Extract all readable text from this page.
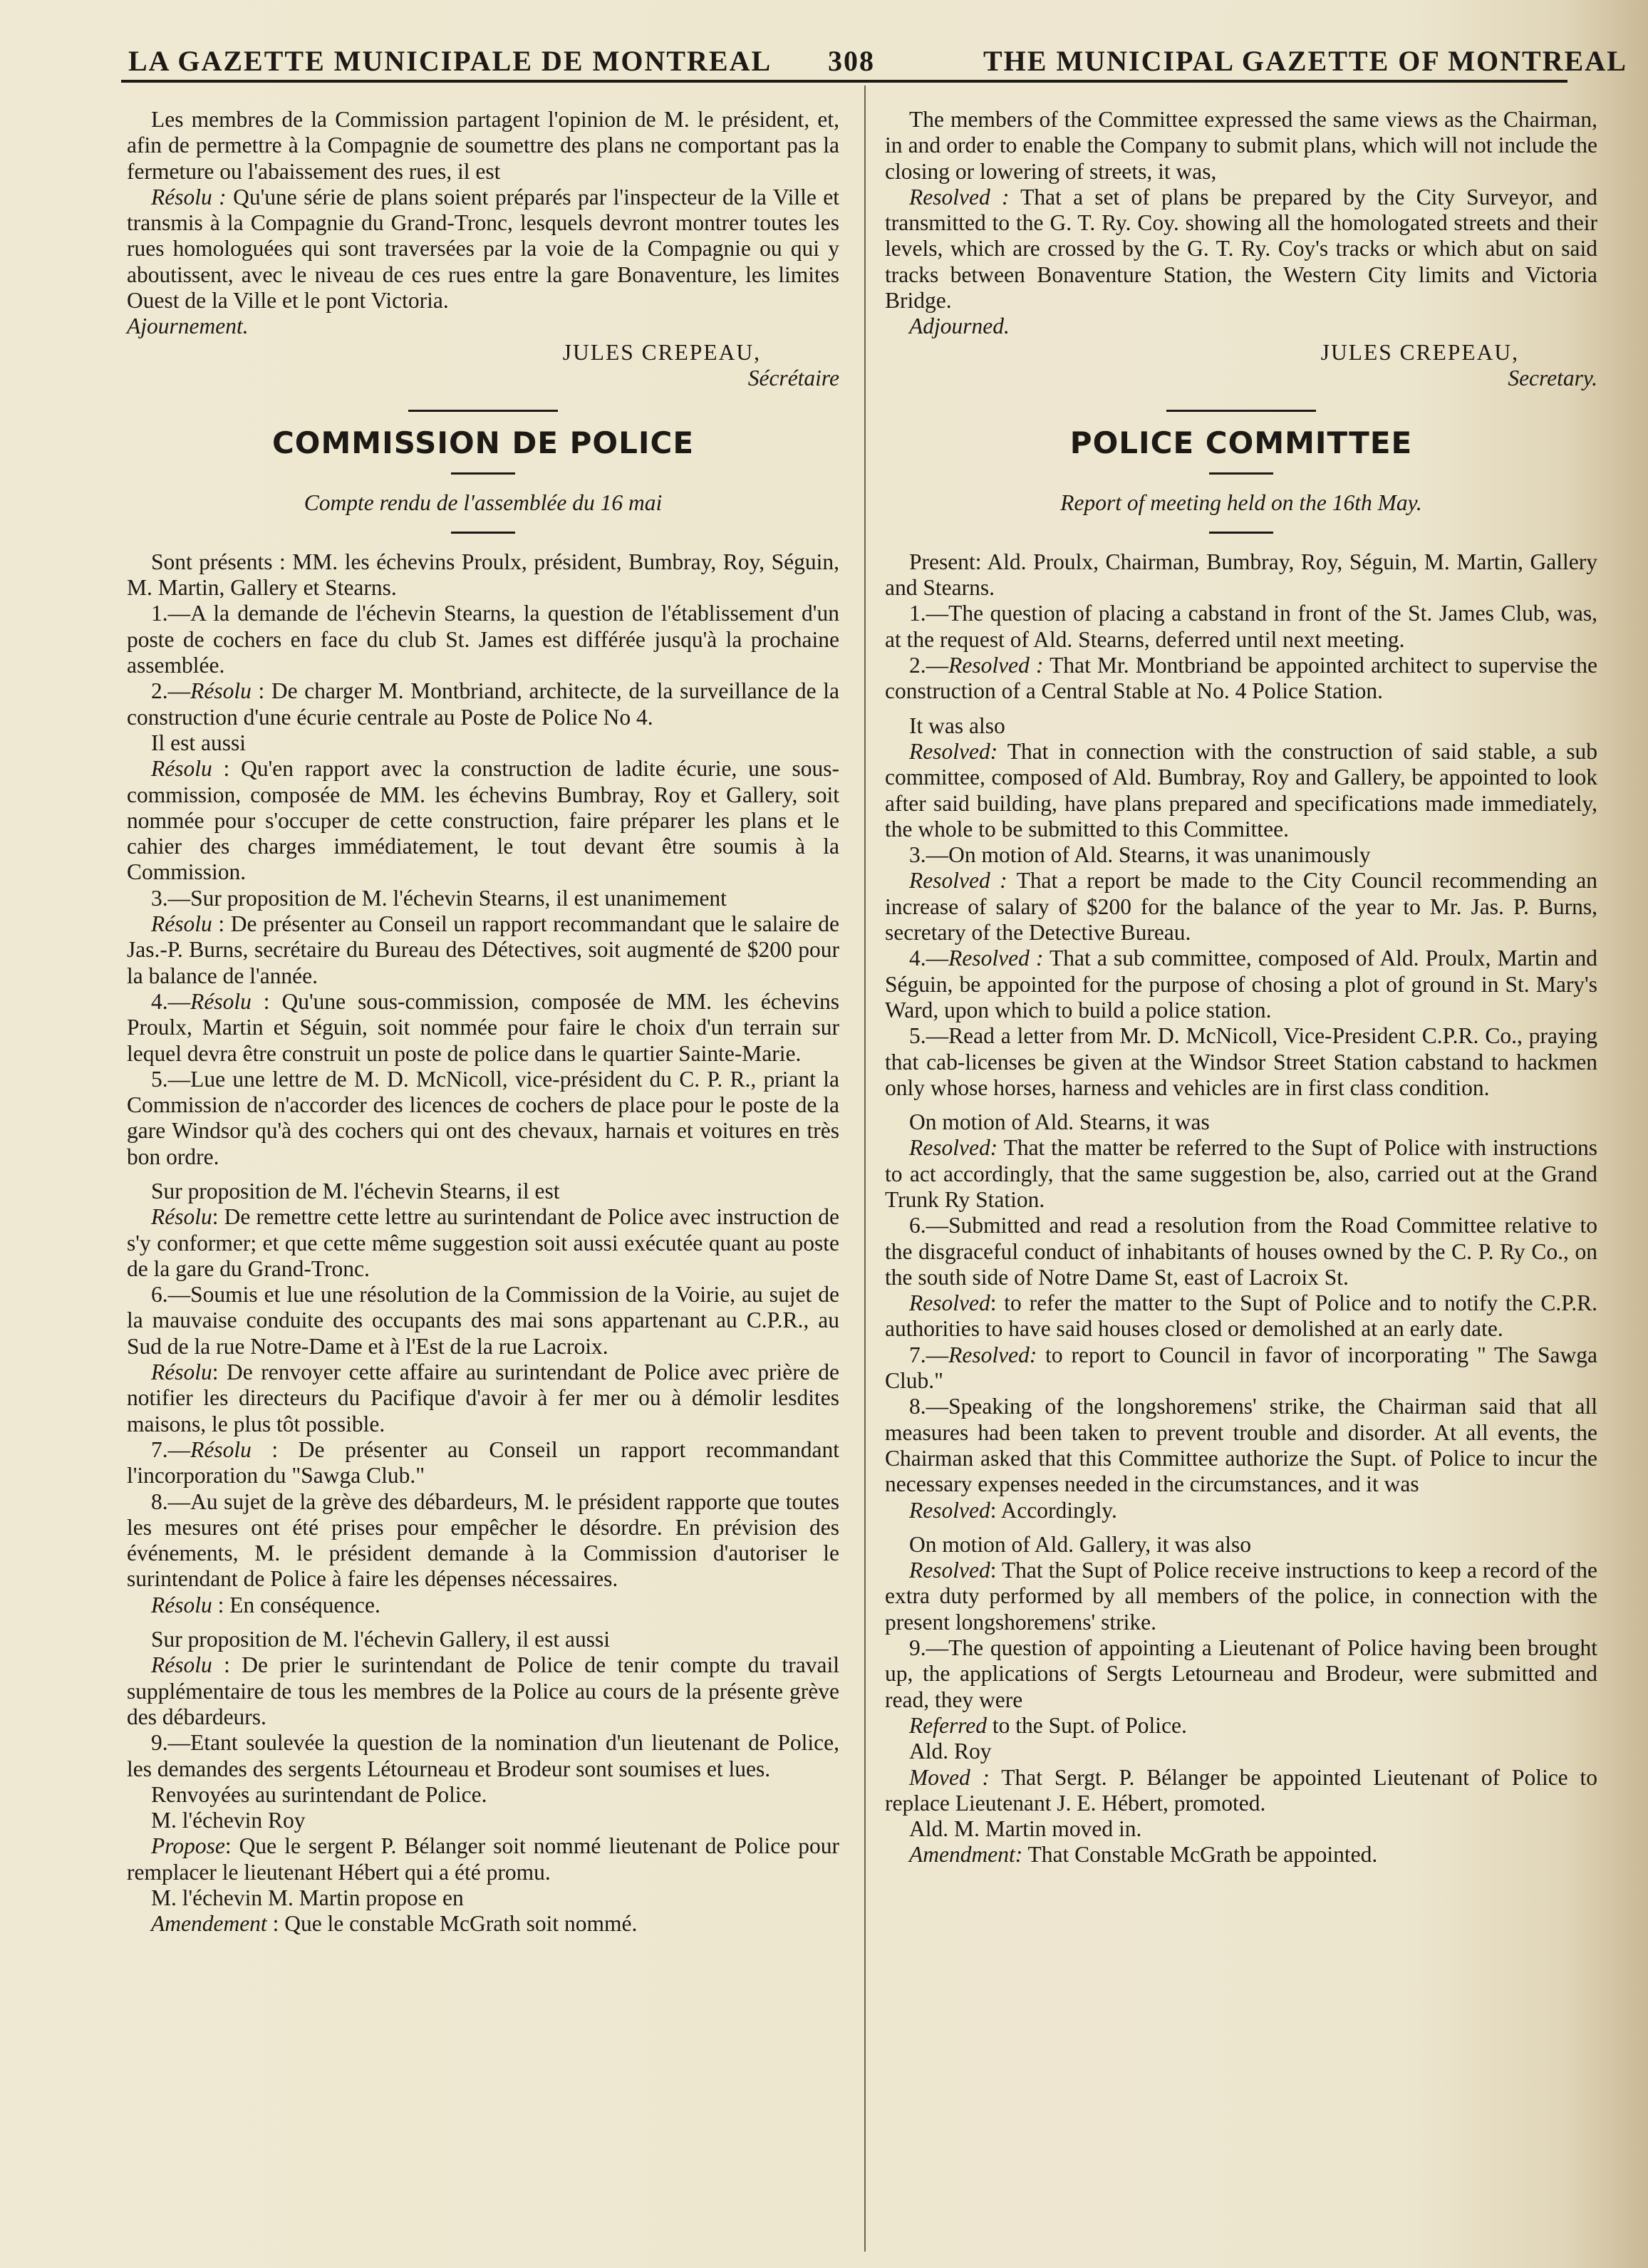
LA GAZETTE MUNICIPALE DE MONTREAL 308	THE MUNICIPAL GAZETTE OF MONTREAL

Les membres de la Commission partagent l'opinion de M. le président, et, afin de permettre à la Compagnie de soumettre des plans ne comportant pas la fermeture ou l'abaissement des rues, il est

Résolu : Qu'une série de plans soient préparés par l'inspecteur de la Ville et transmis à la Compagnie du Grand-Tronc, lesquels devront montrer toutes les rues homologuées qui sont traversées par la voie de la Compagnie ou qui y aboutissent, avec le niveau de ces rues entre la gare Bonaventure, les limites Ouest de la Ville et le pont Victoria.

Ajournement.

JULES CREPEAU,
Sécrétaire
COMMISSION DE POLICE
Compte rendu de l'assemblée du 16 mai

Sont présents : MM. les échevins Proulx, président, Bumbray, Roy, Séguin, M. Martin, Gallery et Stearns.

1.—A la demande de l'échevin Stearns, la question de l'établissement d'un poste de cochers en face du club St. James est différée jusqu'à la prochaine assemblée.

2.—Résolu : De charger M. Montbriand, architecte, de la surveillance de la construction d'une écurie centrale au Poste de Police No 4.

Il est aussi

Résolu : Qu'en rapport avec la construction de ladite écurie, une sous-commission, composée de MM. les échevins Bumbray, Roy et Gallery, soit nommée pour s'occuper de cette construction, faire préparer les plans et le cahier des charges immédiatement, le tout devant être soumis à la Commission.

3.—Sur proposition de M. l'échevin Stearns, il est unanimement

Résolu : De présenter au Conseil un rapport recommandant que le salaire de Jas.-P. Burns, secrétaire du Bureau des Détectives, soit augmenté de $200 pour la balance de l'année.

4.—Résolu : Qu'une sous-commission, composée de MM. les échevins Proulx, Martin et Séguin, soit nommée pour faire le choix d'un terrain sur lequel devra être construit un poste de police dans le quartier Sainte-Marie.

5.—Lue une lettre de M. D. McNicoll, vice-président du C. P. R., priant la Commission de n'accorder des licences de cochers de place pour le poste de la gare Windsor qu'à des cochers qui ont des chevaux, harnais et voitures en très bon ordre.

Sur proposition de M. l'échevin Stearns, il est

Résolu: De remettre cette lettre au surintendant de Police avec instruction de s'y conformer; et que cette même suggestion soit aussi exécutée quant au poste de la gare du Grand-Tronc.

6.—Soumis et lue une résolution de la Commission de la Voirie, au sujet de la mauvaise conduite des occupants des mai sons appartenant au C.P.R., au Sud de la rue Notre-Dame et à l'Est de la rue Lacroix.

Résolu: De renvoyer cette affaire au surintendant de Police avec prière de notifier les directeurs du Pacifique d'avoir à fer mer ou à démolir lesdites maisons, le plus tôt possible.

7.—Résolu : De présenter au Conseil un rapport recommandant l'incorporation du "Sawga Club."

8.—Au sujet de la grève des débardeurs, M. le président rapporte que toutes les mesures ont été prises pour empêcher le désordre. En prévision des événements, M. le président demande à la Commission d'autoriser le surintendant de Police à faire les dépenses nécessaires.

Résolu : En conséquence.

Sur proposition de M. l'échevin Gallery, il est aussi

Résolu : De prier le surintendant de Police de tenir compte du travail supplémentaire de tous les membres de la Police au cours de la présente grève des débardeurs.

9.—Etant soulevée la question de la nomination d'un lieutenant de Police, les demandes des sergents Létourneau et Brodeur sont soumises et lues.

Renvoyées au surintendant de Police.

M. l'échevin Roy

Propose: Que le sergent P. Bélanger soit nommé lieutenant de Police pour remplacer le lieutenant Hébert qui a été promu.

M. l'échevin M. Martin propose en

Amendement : Que le constable McGrath soit nommé.

The members of the Committee expressed the same views as the Chairman, in and order to enable the Company to submit plans, which will not include the closing or lowering of streets, it was,

Resolved : That a set of plans be prepared by the City Surveyor, and transmitted to the G. T. Ry. Coy. showing all the homologated streets and their levels, which are crossed by the G. T. Ry. Coy's tracks or which abut on said tracks between Bonaventure Station, the Western City limits and Victoria Bridge.

Adjourned.

JULES CREPEAU,
Secretary.
POLICE COMMITTEE
Report of meeting held on the 16th May.

Present: Ald. Proulx, Chairman, Bumbray, Roy, Séguin, M. Martin, Gallery and Stearns.

1.—The question of placing a cabstand in front of the St. James Club, was, at the request of Ald. Stearns, deferred until next meeting.

2.—Resolved : That Mr. Montbriand be appointed architect to supervise the construction of a Central Stable at No. 4 Police Station.

It was also

Resolved: That in connection with the construction of said stable, a sub committee, composed of Ald. Bumbray, Roy and Gallery, be appointed to look after said building, have plans prepared and specifications made immediately, the whole to be submitted to this Committee.

3.—On motion of Ald. Stearns, it was unanimously

Resolved : That a report be made to the City Council recommending an increase of salary of $200 for the balance of the year to Mr. Jas. P. Burns, secretary of the Detective Bureau.

4.—Resolved : That a sub committee, composed of Ald. Proulx, Martin and Séguin, be appointed for the purpose of chosing a plot of ground in St. Mary's Ward, upon which to build a police station.

5.—Read a letter from Mr. D. McNicoll, Vice-President C.P.R. Co., praying that cab-licenses be given at the Windsor Street Station cabstand to hackmen only whose horses, harness and vehicles are in first class condition.

On motion of Ald. Stearns, it was

Resolved: That the matter be referred to the Supt of Police with instructions to act accordingly, that the same suggestion be, also, carried out at the Grand Trunk Ry Station.

6.—Submitted and read a resolution from the Road Committee relative to the disgraceful conduct of inhabitants of houses owned by the C. P. Ry Co., on the south side of Notre Dame St, east of Lacroix St.

Resolved: to refer the matter to the Supt of Police and to notify the C.P.R. authorities to have said houses closed or demolished at an early date.

7.—Resolved: to report to Council in favor of incorporating " The Sawga Club."

8.—Speaking of the longshoremens' strike, the Chairman said that all measures had been taken to prevent trouble and disorder. At all events, the Chairman asked that this Committee authorize the Supt. of Police to incur the necessary expenses needed in the circumstances, and it was

Resolved: Accordingly.

On motion of Ald. Gallery, it was also

Resolved: That the Supt of Police receive instructions to keep a record of the extra duty performed by all members of the police, in connection with the present longshoremens' strike.

9.—The question of appointing a Lieutenant of Police having been brought up, the applications of Sergts Letourneau and Brodeur, were submitted and read, they were

Referred to the Supt. of Police.

Ald. Roy

Moved : That Sergt. P. Bélanger be appointed Lieutenant of Police to replace Lieutenant J. E. Hébert, promoted.

Ald. M. Martin moved in.

Amendment: That Constable McGrath be appointed.
